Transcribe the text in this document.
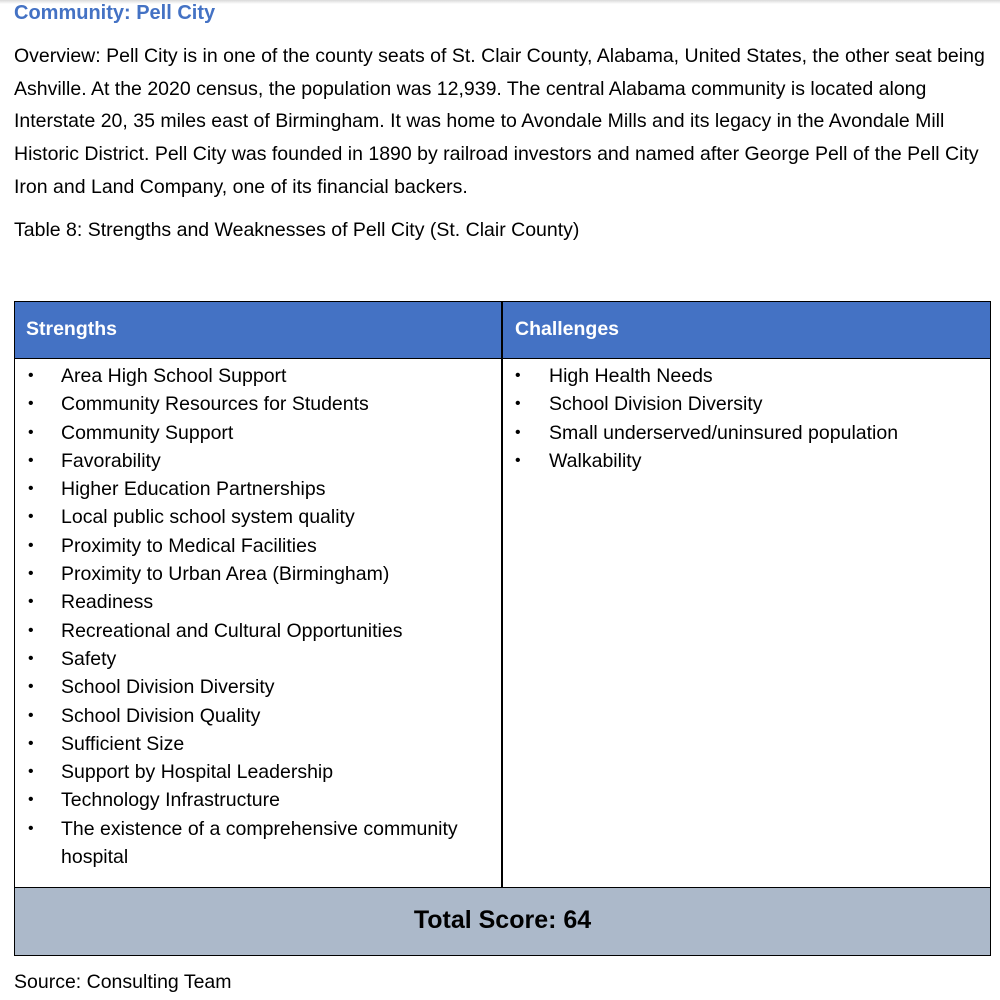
Community: Pell City

Overview: Pell City is in one of the county seats of St. Clair County, Alabama, United States, the other seat being Ashville. At the 2020 census, the population was 12,939. The central Alabama community is located along Interstate 20, 35 miles east of Birmingham. It was home to Avondale Mills and its legacy in the Avondale Mill Historic District. Pell City was founded in 1890 by railroad investors and named after George Pell of the Pell City Iron and Land Company, one of its financial backers.

Table 8: Strengths and Weaknesses of Pell City (St. Clair County)

Strengths	Challenges
• Area High School Support
• Community Resources for Students
• Community Support
• Favorability
• Higher Education Partnerships
• Local public school system quality
• Proximity to Medical Facilities
• Proximity to Urban Area (Birmingham)
• Readiness
• Recreational and Cultural Opportunities
• Safety
• School Division Diversity
• School Division Quality
• Sufficient Size
• Support by Hospital Leadership
• Technology Infrastructure
• The existence of a comprehensive community hospital
• High Health Needs
• School Division Diversity
• Small underserved/uninsured population
• Walkability
Total Score: 64

Source: Consulting Team
